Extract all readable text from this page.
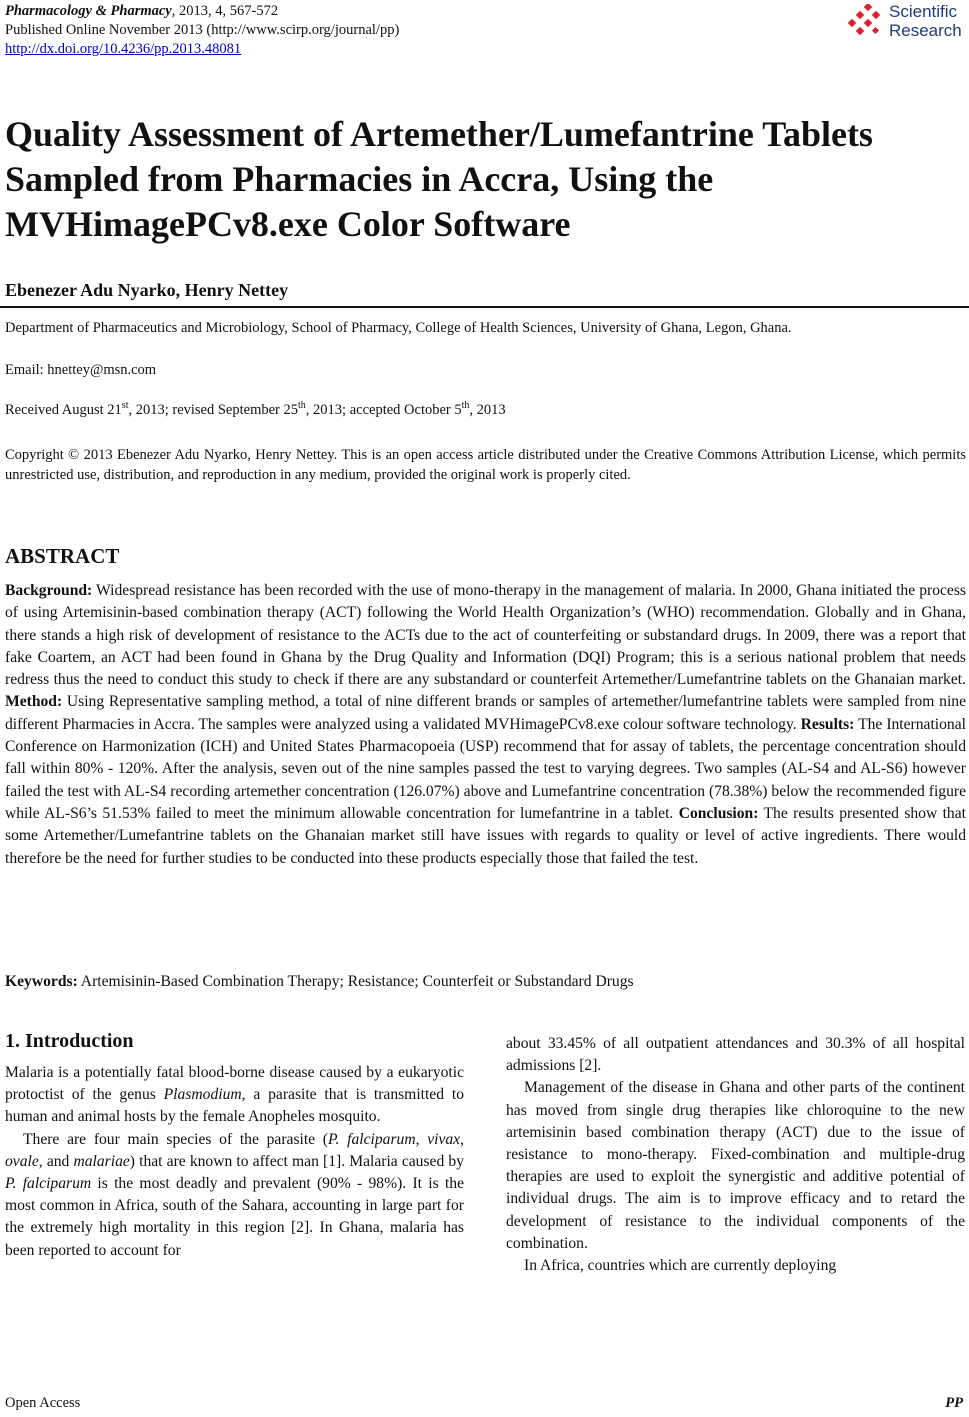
Pharmacology & Pharmacy, 2013, 4, 567-572
Published Online November 2013 (http://www.scirp.org/journal/pp)
http://dx.doi.org/10.4236/pp.2013.48081
Scientific
Research
Quality Assessment of Artemether/Lumefantrine Tablets Sampled from Pharmacies in Accra, Using the MVHimagePCv8.exe Color Software
Ebenezer Adu Nyarko, Henry Nettey
Department of Pharmaceutics and Microbiology, School of Pharmacy, College of Health Sciences, University of Ghana, Legon, Ghana.
Email: hnettey@msn.com
Received August 21st, 2013; revised September 25th, 2013; accepted October 5th, 2013
Copyright © 2013 Ebenezer Adu Nyarko, Henry Nettey. This is an open access article distributed under the Creative Commons Attribution License, which permits unrestricted use, distribution, and reproduction in any medium, provided the original work is properly cited.
ABSTRACT
Background: Widespread resistance has been recorded with the use of mono-therapy in the management of malaria. In 2000, Ghana initiated the process of using Artemisinin-based combination therapy (ACT) following the World Health Organization’s (WHO) recommendation. Globally and in Ghana, there stands a high risk of development of resistance to the ACTs due to the act of counterfeiting or substandard drugs. In 2009, there was a report that fake Coartem, an ACT had been found in Ghana by the Drug Quality and Information (DQI) Program; this is a serious national problem that needs redress thus the need to conduct this study to check if there are any substandard or counterfeit Artemether/Lumefantrine tablets on the Ghanaian market. Method: Using Representative sampling method, a total of nine different brands or samples of artemether/lumefantrine tablets were sampled from nine different Pharmacies in Accra. The samples were analyzed using a validated MVHimagePCv8.exe colour software technology. Results: The International Conference on Harmonization (ICH) and United States Pharmacopoeia (USP) recommend that for assay of tablets, the percentage concentration should fall within 80% - 120%. After the analysis, seven out of the nine samples passed the test to varying degrees. Two samples (AL-S4 and AL-S6) however failed the test with AL-S4 recording artemether concentration (126.07%) above and Lumefantrine concentration (78.38%) below the recommended figure while AL-S6’s 51.53% failed to meet the minimum allowable concentration for lumefantrine in a tablet. Conclusion: The results presented show that some Artemether/Lumefantrine tablets on the Ghanaian market still have issues with regards to quality or level of active ingredients. There would therefore be the need for further studies to be conducted into these products especially those that failed the test.
Keywords: Artemisinin-Based Combination Therapy; Resistance; Counterfeit or Substandard Drugs
1. Introduction

Malaria is a potentially fatal blood-borne disease caused by a eukaryotic protoctist of the genus Plasmodium, a parasite that is transmitted to human and animal hosts by the female Anopheles mosquito.

There are four main species of the parasite (P. falciparum, vivax, ovale, and malariae) that are known to affect man [1]. Malaria caused by P. falciparum is the most deadly and prevalent (90% - 98%). It is the most common in Africa, south of the Sahara, accounting in large part for the extremely high mortality in this region [2]. In Ghana, malaria has been reported to account for

about 33.45% of all outpatient attendances and 30.3% of all hospital admissions [2].

Management of the disease in Ghana and other parts of the continent has moved from single drug therapies like chloroquine to the new artemisinin based combination therapy (ACT) due to the issue of resistance to mono-therapy. Fixed-combination and multiple-drug therapies are used to exploit the synergistic and additive potential of individual drugs. The aim is to improve efficacy and to retard the development of resistance to the individual components of the combination.

In Africa, countries which are currently deploying

Open Access	PP
